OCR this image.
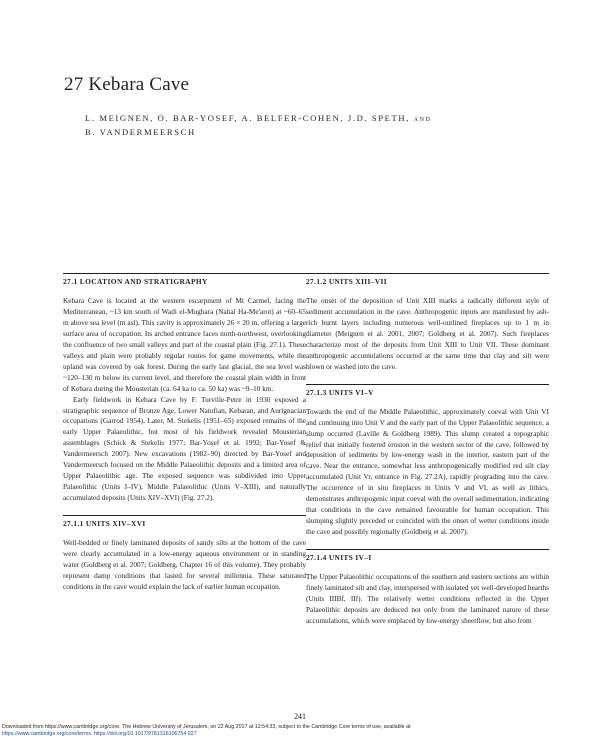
27 Kebara Cave
L. MEIGNEN, O. BAR-YOSEF, A. BELFER-COHEN, J.D. SPETH, and
B. VANDERMEERSCH
27.1 LOCATION AND STRATIGRAPHY

Kebara Cave is located at the western escarpment of Mt Carmel, facing the Mediterranean, ~13 km south of Wadi el-Mughara (Nahal Ha-Me'arot) at ~60–65 m above sea level (m asl). This cavity is approximately 26 × 20 m, offering a large surface area of occupation. Its arched entrance faces north-northwest, overlooking the confluence of two small valleys and part of the coastal plain (Fig. 27.1). These valleys and plain were probably regular routes for game movements, while the upland was covered by oak forest. During the early last glacial, the sea level was ~120–130 m below its current level, and therefore the coastal plain width in front of Kebara during the Mousterian (ca. 64 ka to ca. 50 ka) was ~9–10 km.

Early fieldwork in Kebara Cave by F. Turville-Petre in 1930 exposed a stratigraphic sequence of Bronze Age, Lower Natufian, Kebaran, and Aurignacian occupations (Garrod 1954). Later, M. Stekelis (1951–65) exposed remains of the early Upper Palaeolithic, but most of his fieldwork revealed Mousterian assemblages (Schick & Stekelis 1977; Bar-Yosef et al. 1992; Bar-Yosef & Vandermeersch 2007). New excavations (1982–90) directed by Bar-Yosef and Vandermeersch focused on the Middle Palaeolithic deposits and a limited area of Upper Palaeolithic age. The exposed sequence was subdivided into Upper Palaeolithic (Units I–IV), Middle Palaeolithic (Units V–XIII), and naturally accumulated deposits (Units XIV–XVI) (Fig. 27.2).

27.1.1 UNITS XIV–XVI

Well-bedded or finely laminated deposits of sandy silts at the bottom of the cave were clearly accumulated in a low-energy aqueous environment or in standing water (Goldberg et al. 2007; Goldberg, Chapter 16 of this volume). They probably represent damp conditions that lasted for several millennia. These saturated conditions in the cave would explain the lack of earlier human occupation.

27.1.2 UNITS XIII–VII

The onset of the deposition of Unit XIII marks a radically different style of sediment accumulation in the cave. Anthropogenic inputs are manifested by ash-rich burnt layers including numerous well-outlined fireplaces up to 1 m in diameter (Meignen et al. 2001, 2007; Goldberg et al. 2007). Such fireplaces characterize most of the deposits from Unit XIII to Unit VII. These dominant anthropogenic accumulations occurred at the same time that clay and silt were blown or washed into the cave.

27.1.3 UNITS VI–V

Towards the end of the Middle Palaeolithic, approximately coeval with Unit VI and continuing into Unit V and the early part of the Upper Palaeolithic sequence, a slump occurred (Laville & Goldberg 1989). This slump created a topographic relief that initially fostered erosion in the western sector of the cave, followed by deposition of sediments by low-energy wash in the interior, eastern part of the cave. Near the entrance, somewhat less anthropogenically modified red silt clay accumulated (Unit Vr, entrance in Fig. 27.2A), rapidly prograding into the cave. The occurrence of in situ fireplaces in Units V and VI, as well as lithics, demonstrates anthropogenic input coeval with the overall sedimentation, indicating that conditions in the cave remained favourable for human occupation. This slumping slightly preceded or coincided with the onset of wetter conditions inside the cave and possibly regionally (Goldberg et al. 2007).

27.1.4 UNITS IV–I

The Upper Palaeolithic occupations of the southern and eastern sections are within finely laminated silt and clay, interspersed with isolated yet well-developed hearths (Units IIIBf, IIf). The relatively wetter conditions reflected in the Upper Palaeolithic deposits are deduced not only from the laminated nature of these accumulations, which were emplaced by low-energy sheetflow, but also from

241
Downloaded from https://www.cambridge.org/core. The Hebrew University of Jerusalem, on 22 Aug 2017 at 12:54:33, subject to the Cambridge Core terms of use, available at
https://www.cambridge.org/core/terms. https://doi.org/10.1017/9781316106754.027
